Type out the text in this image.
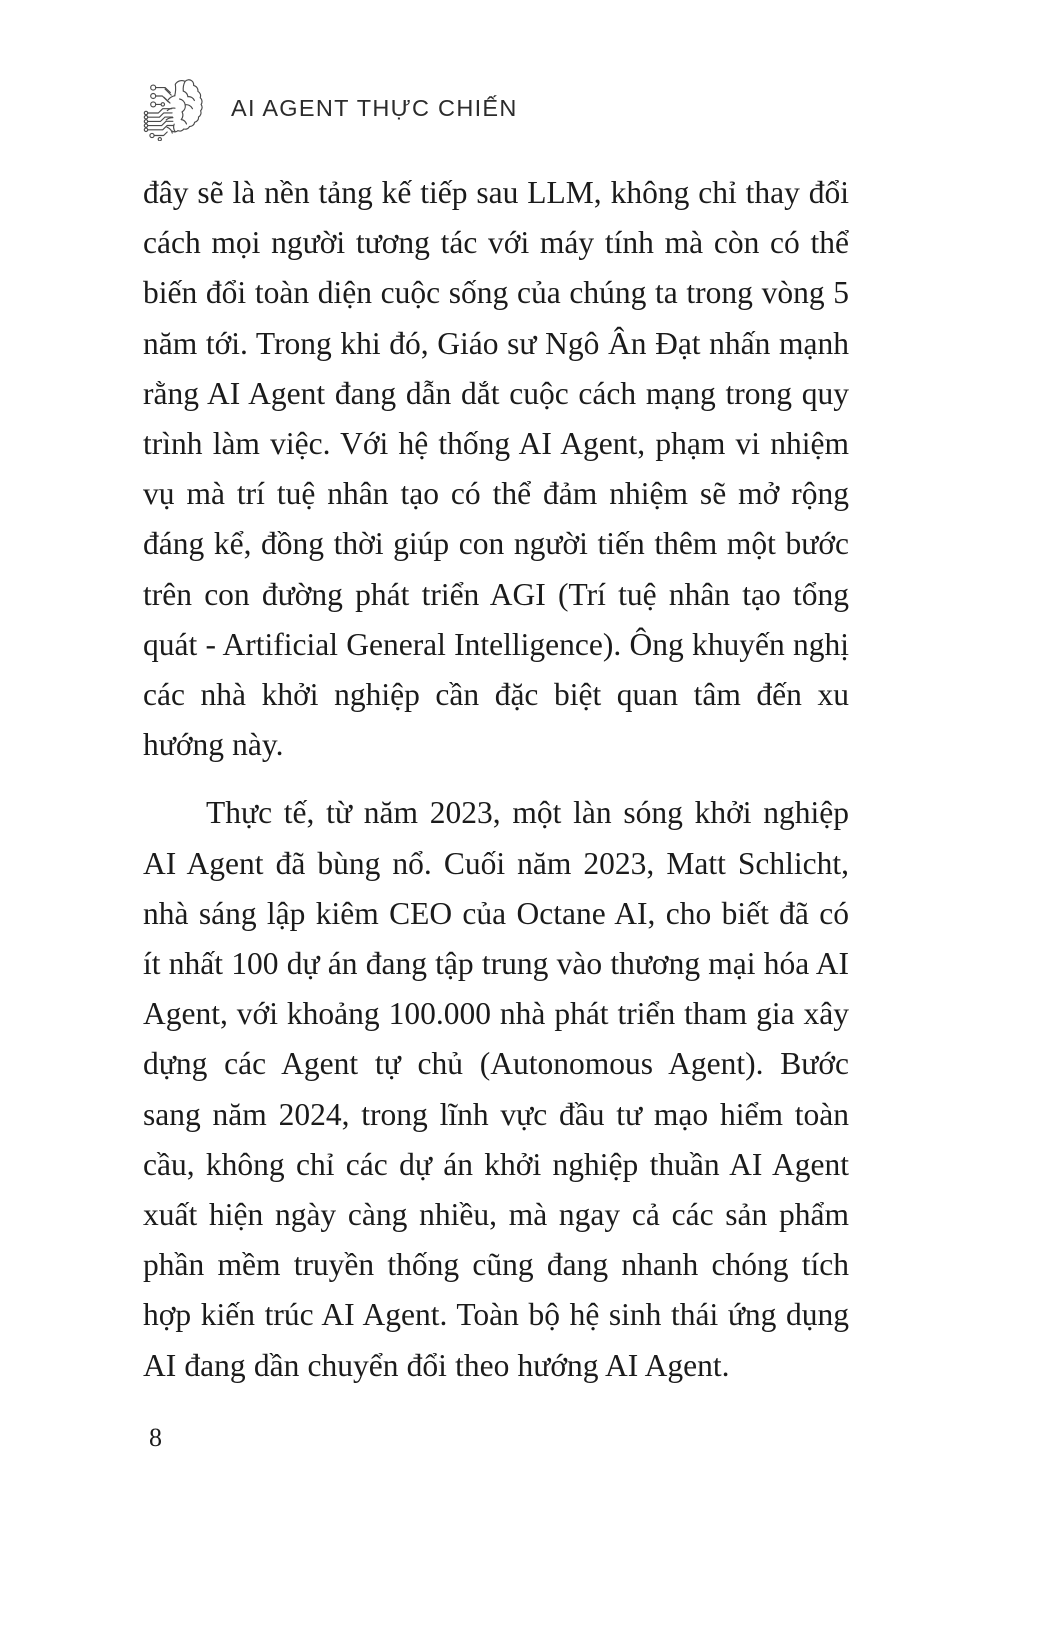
AI AGENT THỰC CHIẾN

đây sẽ là nền tảng kế tiếp sau LLM, không chỉ thay đổi cách mọi người tương tác với máy tính mà còn có thể biến đổi toàn diện cuộc sống của chúng ta trong vòng 5 năm tới. Trong khi đó, Giáo sư Ngô Ân Đạt nhấn mạnh rằng AI Agent đang dẫn dắt cuộc cách mạng trong quy trình làm việc. Với hệ thống AI Agent, phạm vi nhiệm vụ mà trí tuệ nhân tạo có thể đảm nhiệm sẽ mở rộng đáng kể, đồng thời giúp con người tiến thêm một bước trên con đường phát triển AGI (Trí tuệ nhân tạo tổng quát - Artificial General Intelligence). Ông khuyến nghị các nhà khởi nghiệp cần đặc biệt quan tâm đến xu hướng này.

Thực tế, từ năm 2023, một làn sóng khởi nghiệp AI Agent đã bùng nổ. Cuối năm 2023, Matt Schlicht, nhà sáng lập kiêm CEO của Octane AI, cho biết đã có ít nhất 100 dự án đang tập trung vào thương mại hóa AI Agent, với khoảng 100.000 nhà phát triển tham gia xây dựng các Agent tự chủ (Autonomous Agent). Bước sang năm 2024, trong lĩnh vực đầu tư mạo hiểm toàn cầu, không chỉ các dự án khởi nghiệp thuần AI Agent xuất hiện ngày càng nhiều, mà ngay cả các sản phẩm phần mềm truyền thống cũng đang nhanh chóng tích hợp kiến trúc AI Agent. Toàn bộ hệ sinh thái ứng dụng AI đang dần chuyển đổi theo hướng AI Agent.

8
